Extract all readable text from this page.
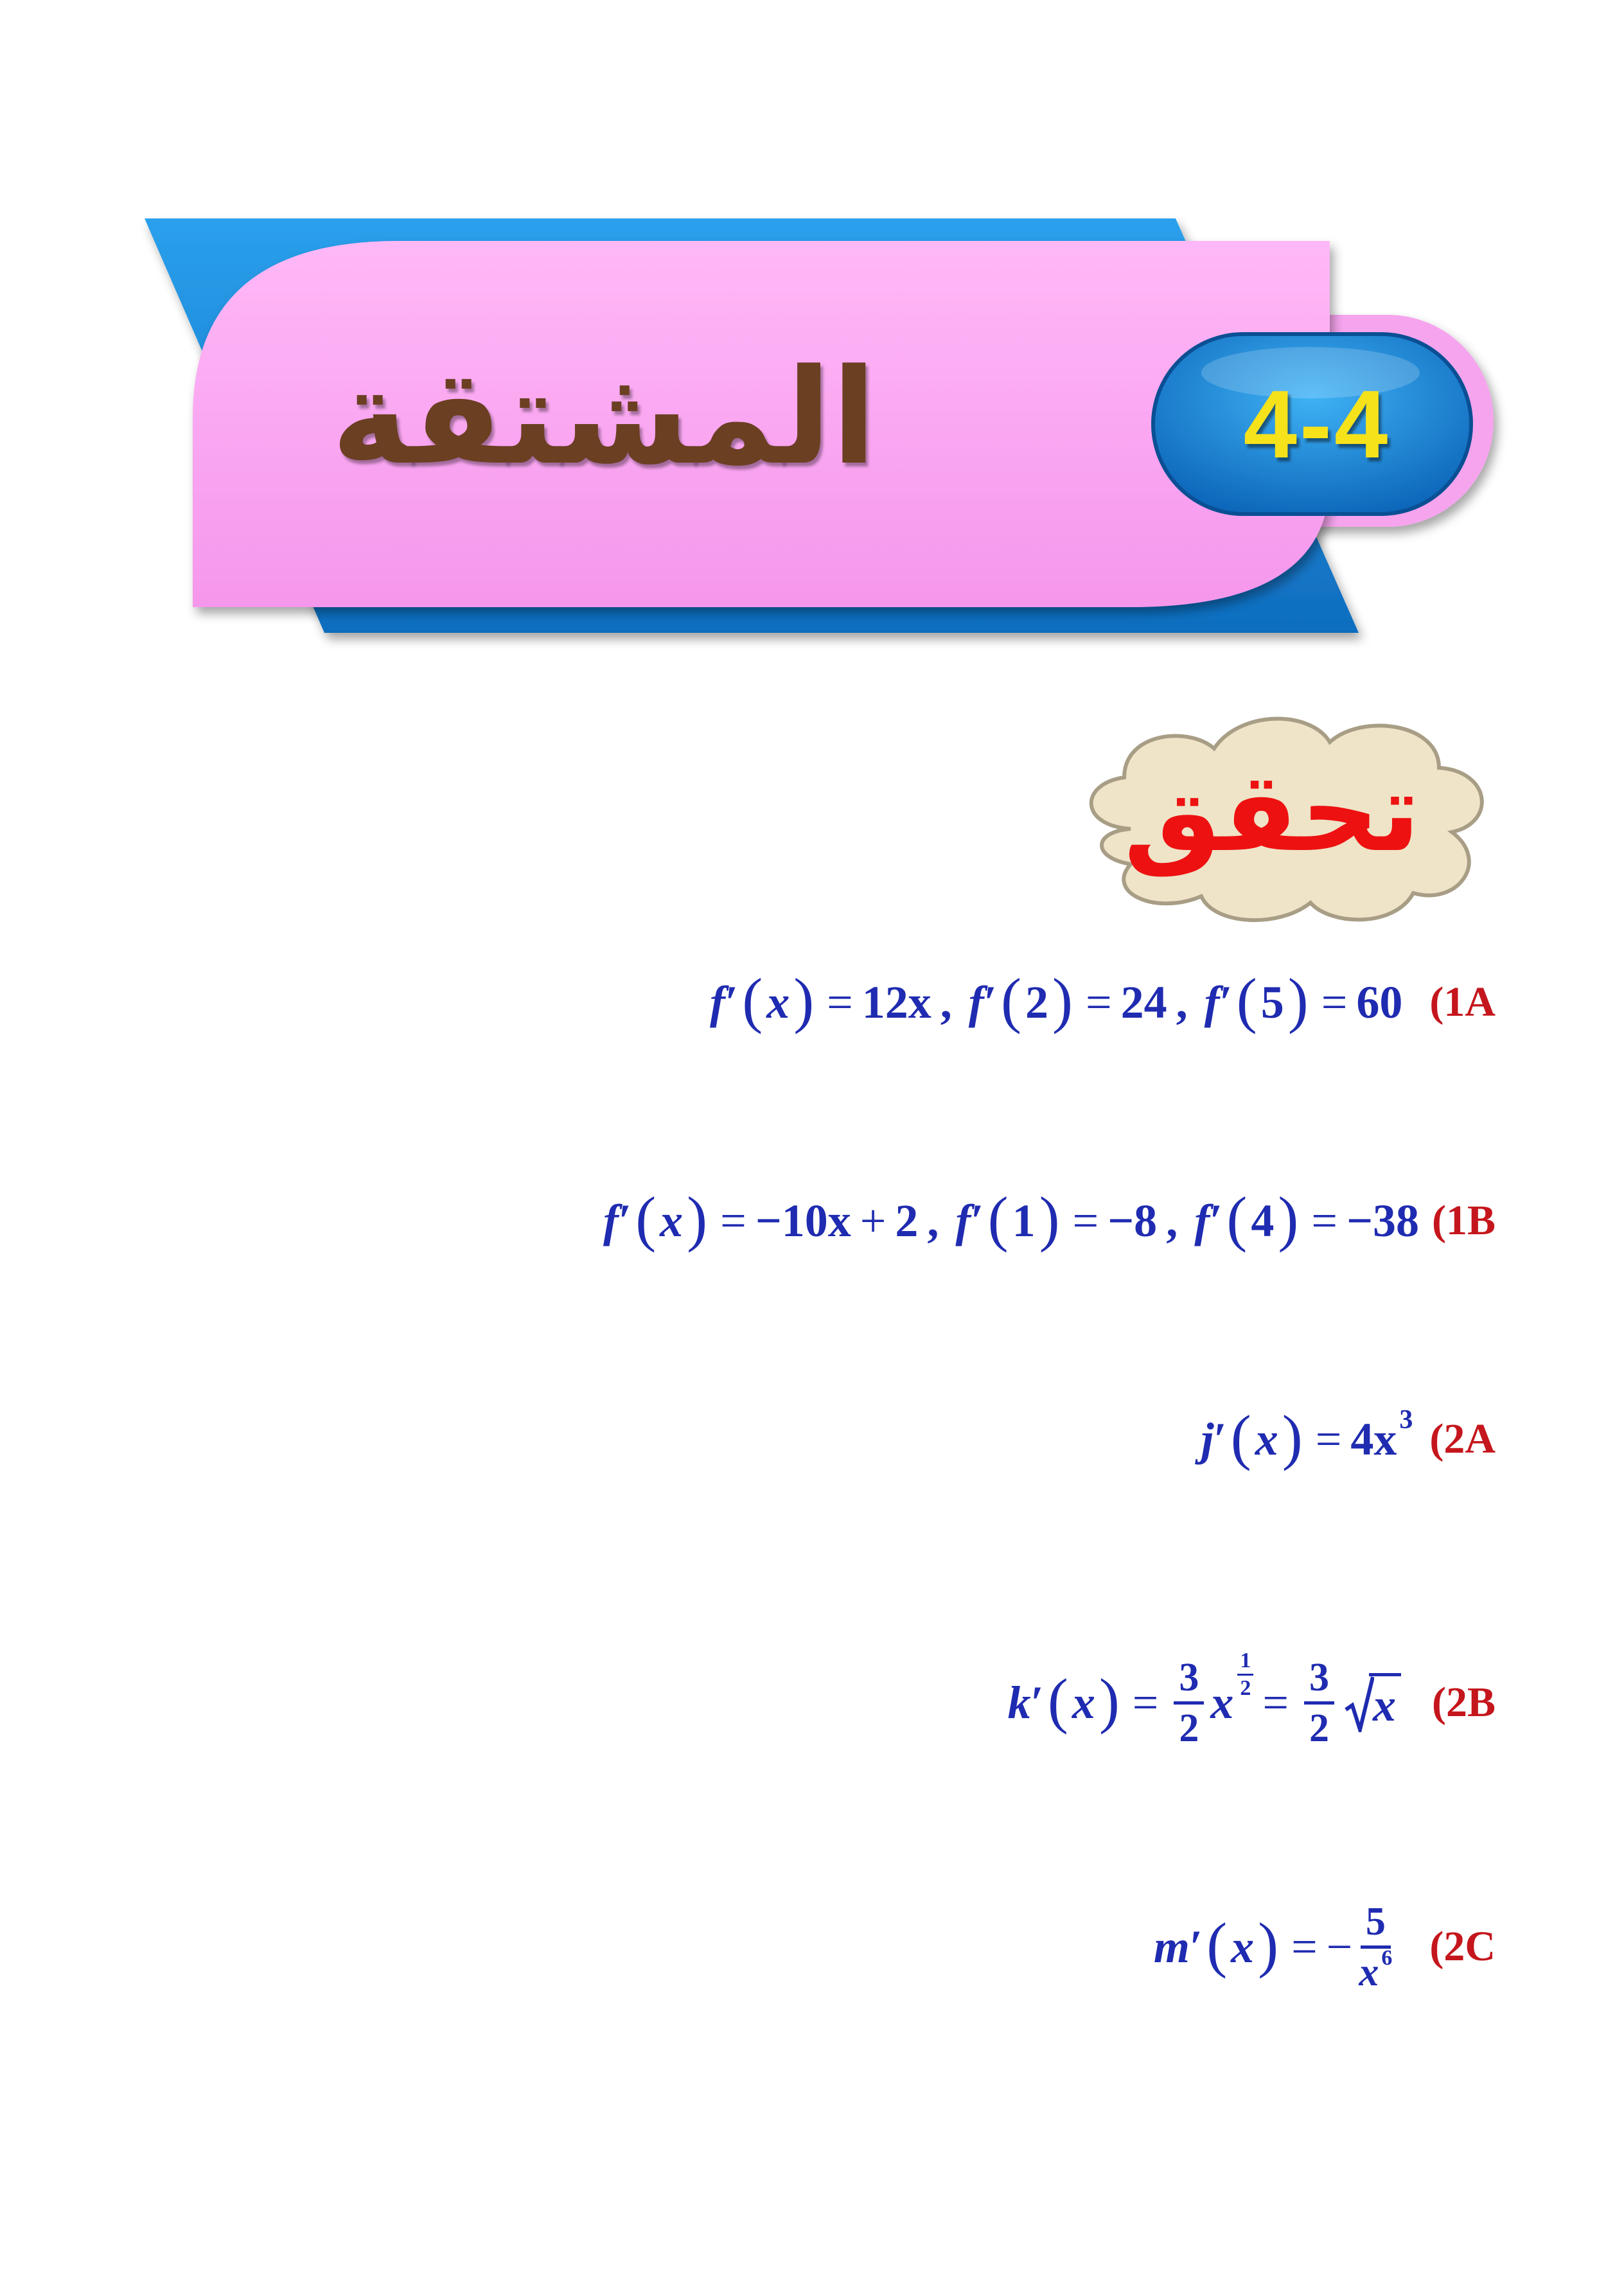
4-4
المشتقة
تحقق
f ′ ( x ) = 12x , f ′ ( 2 ) = 24 , f ′ ( 5 ) = 60 (1A
f ′ ( x ) = −10x + 2 , f ′ ( 1 ) = −8 , f ′ ( 4 ) = −38 (1B
j ′ ( x ) = 4x 3 (2A
k ′ ( x ) = $\frac{3}{2}$ x
$\frac{1}{2}$
= $\frac{3}{2}$ x (2B
m ′ ( x ) = − $\frac{5}{x ^6} (2C$
